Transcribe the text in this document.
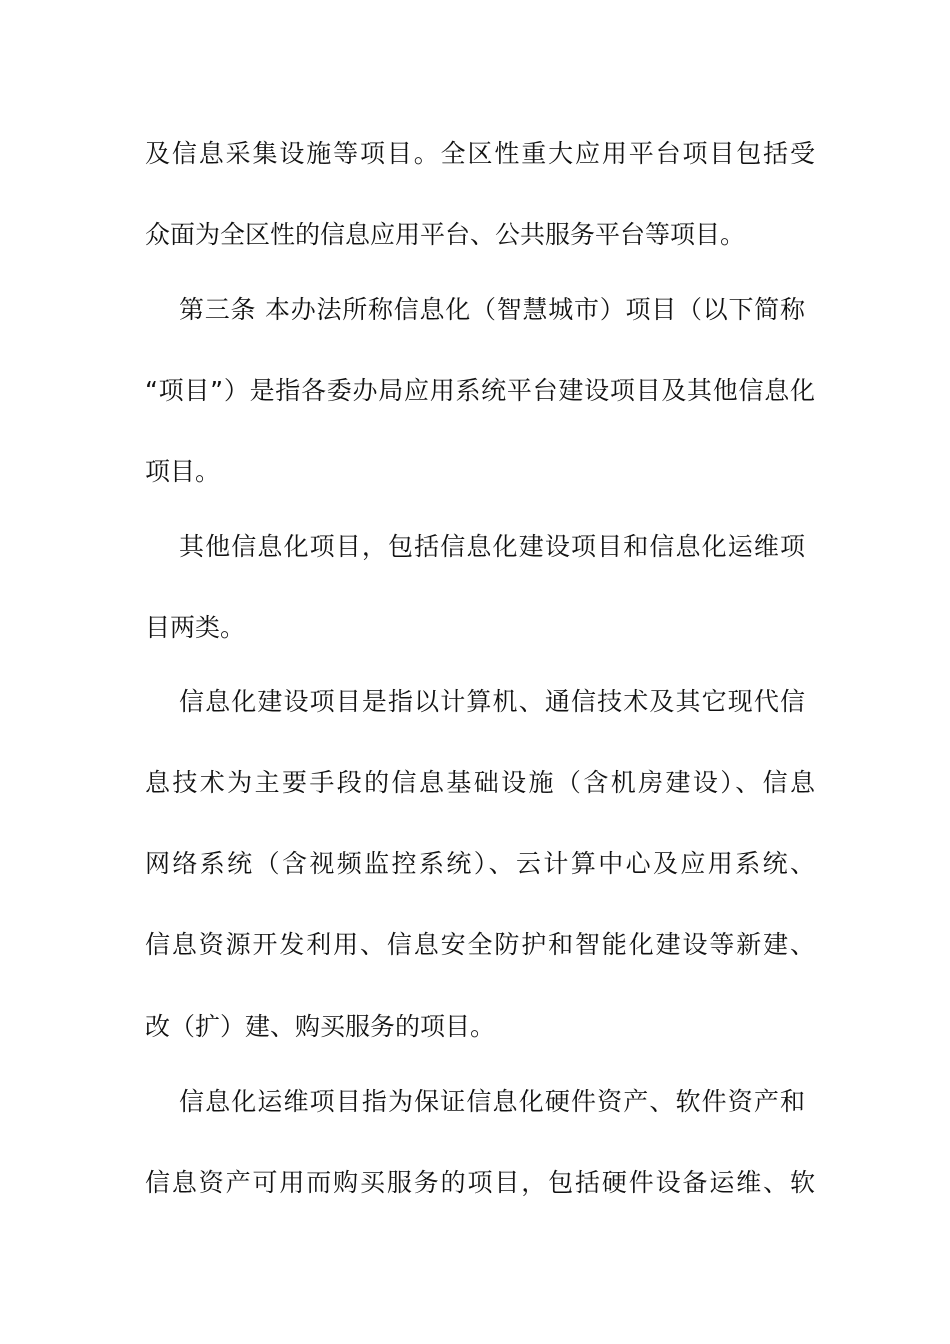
及信息采集设施等项目。全区性重大应用平台项目包括受
众面为全区性的信息应用平台、公共服务平台等项目。
第三条 本办法所称信息化（智慧城市）项目（以下简称
“项目”）是指各委办局应用系统平台建设项目及其他信息化
项目。
其他信息化项目，包括信息化建设项目和信息化运维项
目两类。
信息化建设项目是指以计算机、通信技术及其它现代信
息技术为主要手段的信息基础设施（含机房建设）、信息
网络系统（含视频监控系统）、云计算中心及应用系统、
信息资源开发利用、信息安全防护和智能化建设等新建、
改（扩）建、购买服务的项目。
信息化运维项目指为保证信息化硬件资产、软件资产和
信息资产可用而购买服务的项目，包括硬件设备运维、软
